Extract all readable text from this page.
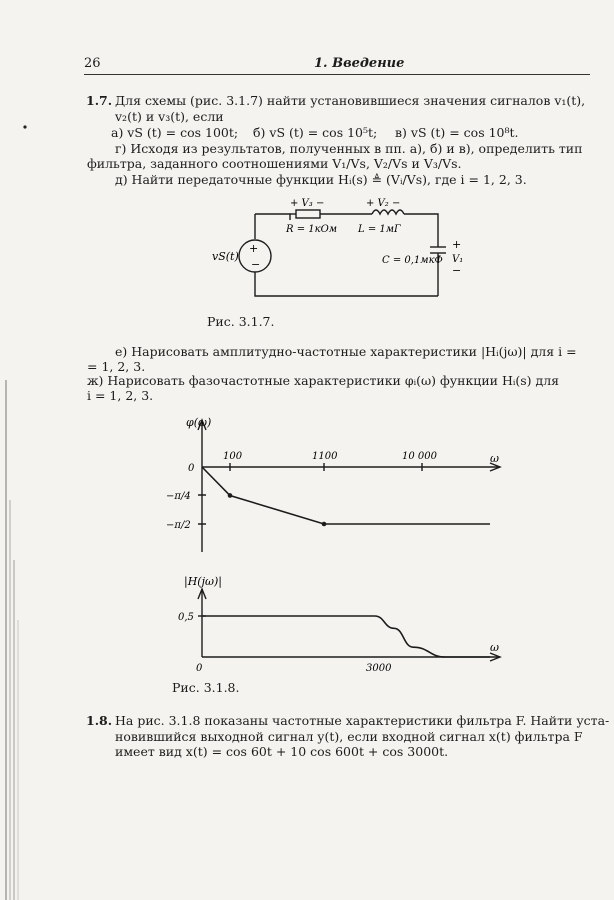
26	1. Введение
1.7. Для схемы (рис. 3.1.7) найти установившиеся значения сигналов v₁(t),
v₂(t) и v₃(t), если
а) vS (t) = cos 100t; б) vS (t) = cos 10⁵t; в) vS (t) = cos 10⁸t.
г) Исходя из результатов, полученных в пп. а), б) и в), определить тип
фильтра, заданного соотношениями V₁/Vs, V₂/Vs и V₃/Vs.
д) Найти передаточные функции Hᵢ(s) ≜ (Vᵢ/Vs), где i = 1, 2, 3.
+
−
vS(t)
+ V₃ −	+ V₂ −
R = 1кОм L = 1мГ
+
V₁
−
C = 0,1мкФ
Рис. 3.1.7.
е) Нарисовать амплитудно-частотные характеристики |Hᵢ(jω)| для i =
= 1, 2, 3.
ж) Нарисовать фазочастотные характеристики φᵢ(ω) функции Hᵢ(s) для
i = 1, 2, 3.
φ(ω)
ω
100	1100	10 000
0
−π/4
−π/2
|H(jω)|
ω
0,5
0	3000
Рис. 3.1.8.
1.8. На рис. 3.1.8 показаны частотные характеристики фильтра F. Найти уста-
новившийся выходной сигнал y(t), если входной сигнал x(t) фильтра F
имеет вид x(t) = cos 60t + 10 cos 600t + cos 3000t.
